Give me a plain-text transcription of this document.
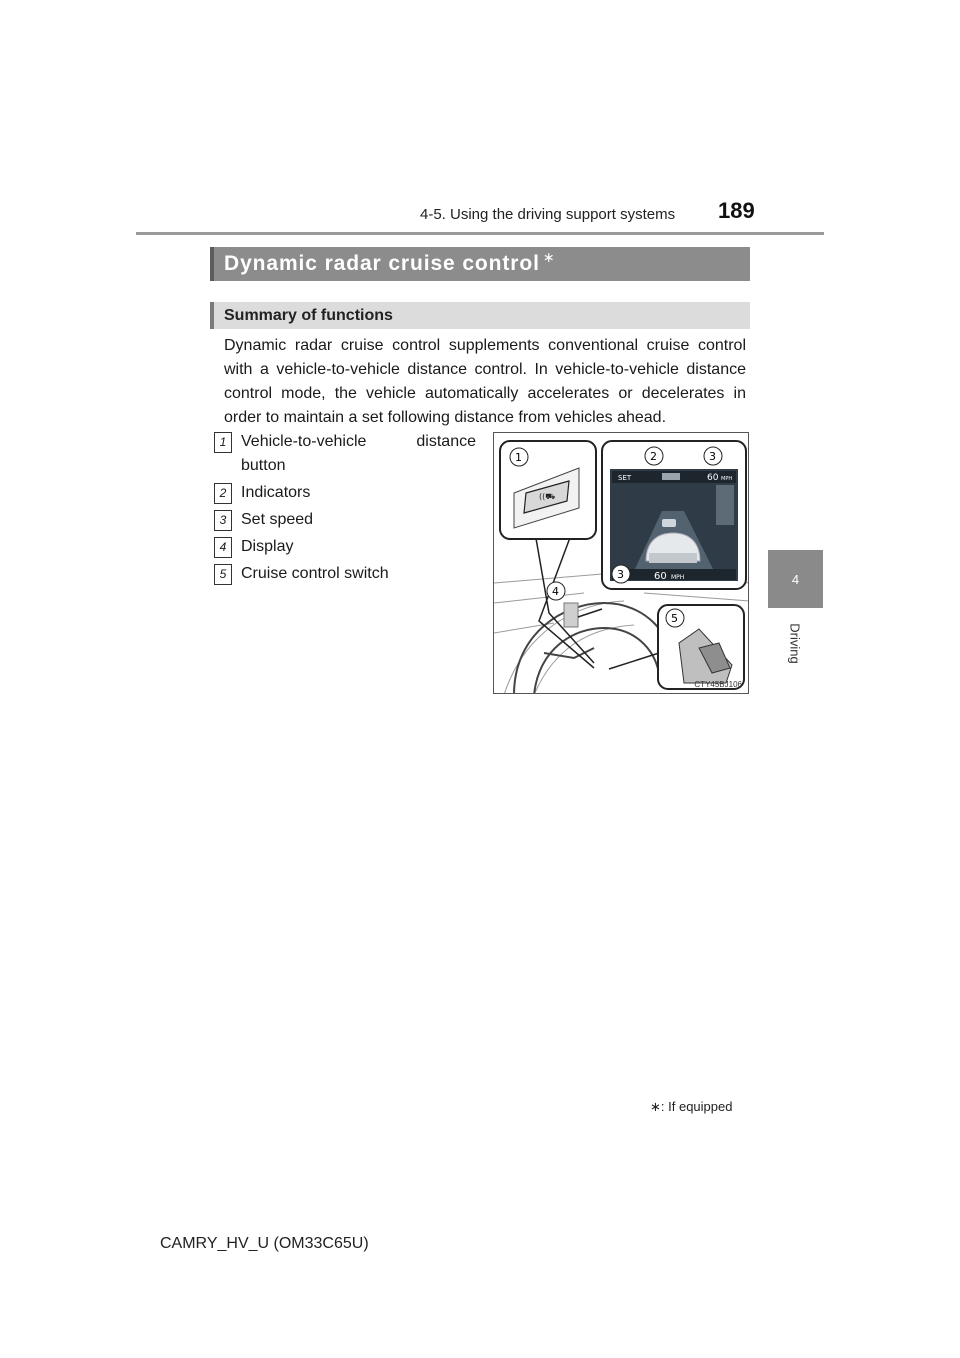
4-5. Using the driving support systems 189
4
Driving
Dynamic radar cruise control ∗
Summary of functions
Dynamic radar cruise control supplements conventional cruise control with a vehicle-to-vehicle distance control. In vehicle-to-vehicle distance control mode, the vehicle automatically accelerates or decelerates in order to maintain a set following distance from vehicles ahead.
1 Vehicle-to-vehicle distance button
2 Indicators
3 Set speed
4 Display
5 Cruise control switch
((⛟
SET	60 MPH
60 MPH
1	2	3
3
4
5
CTY45BJ106
∗: If equipped
CAMRY_HV_U (OM33C65U)
